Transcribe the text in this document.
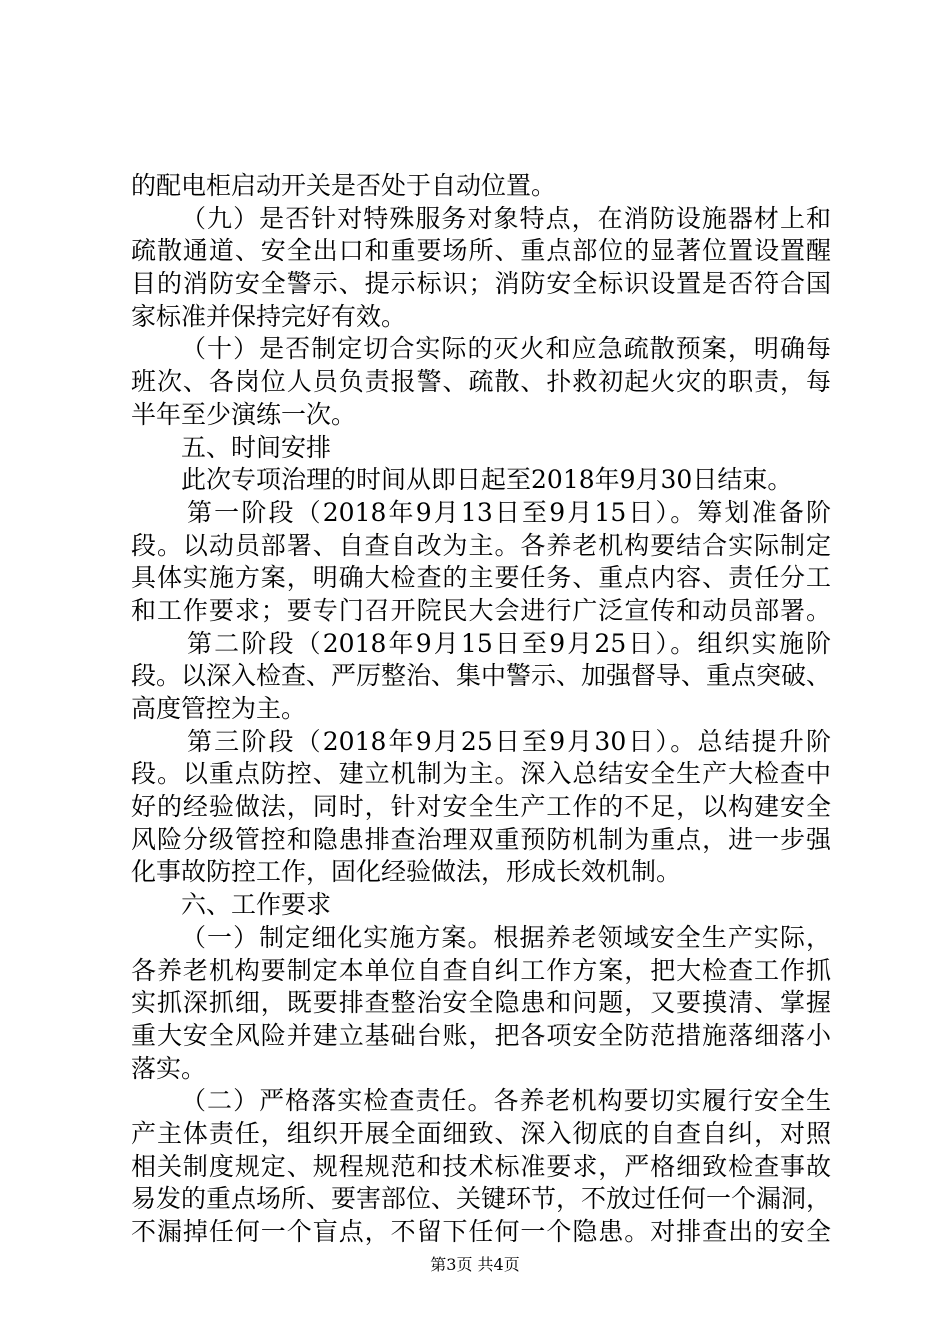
的配电柜启动开关是否处于自动位置。
（九）是否针对特殊服务对象特点，在消防设施器材上和
疏散通道、安全出口和重要场所、重点部位的显著位置设置醒
目的消防安全警示、提示标识；消防安全标识设置是否符合国
家标准并保持完好有效。
（十）是否制定切合实际的灭火和应急疏散预案，明确每
班次、各岗位人员负责报警、疏散、扑救初起火灾的职责，每
半年至少演练一次。
五、时间安排
此次专项治理的时间从即日起至2018年9月30日结束。
第一阶段（2018年9月13日至9月15日）。筹划准备阶
段。以动员部署、自查自改为主。各养老机构要结合实际制定
具体实施方案，明确大检查的主要任务、重点内容、责任分工
和工作要求；要专门召开院民大会进行广泛宣传和动员部署。
第二阶段（2018年9月15日至9月25日）。组织实施阶
段。以深入检查、严厉整治、集中警示、加强督导、重点突破、
高度管控为主。
第三阶段（2018年9月25日至9月30日）。总结提升阶
段。以重点防控、建立机制为主。深入总结安全生产大检查中
好的经验做法，同时，针对安全生产工作的不足，以构建安全
风险分级管控和隐患排查治理双重预防机制为重点，进一步强
化事故防控工作，固化经验做法，形成长效机制。
六、工作要求
（一）制定细化实施方案。根据养老领域安全生产实际，
各养老机构要制定本单位自查自纠工作方案，把大检查工作抓
实抓深抓细，既要排查整治安全隐患和问题，又要摸清、掌握
重大安全风险并建立基础台账，把各项安全防范措施落细落小
落实。
（二）严格落实检查责任。各养老机构要切实履行安全生
产主体责任，组织开展全面细致、深入彻底的自查自纠，对照
相关制度规定、规程规范和技术标准要求，严格细致检查事故
易发的重点场所、要害部位、关键环节，不放过任何一个漏洞，
不漏掉任何一个盲点，不留下任何一个隐患。对排查出的安全
第3页 共4页
